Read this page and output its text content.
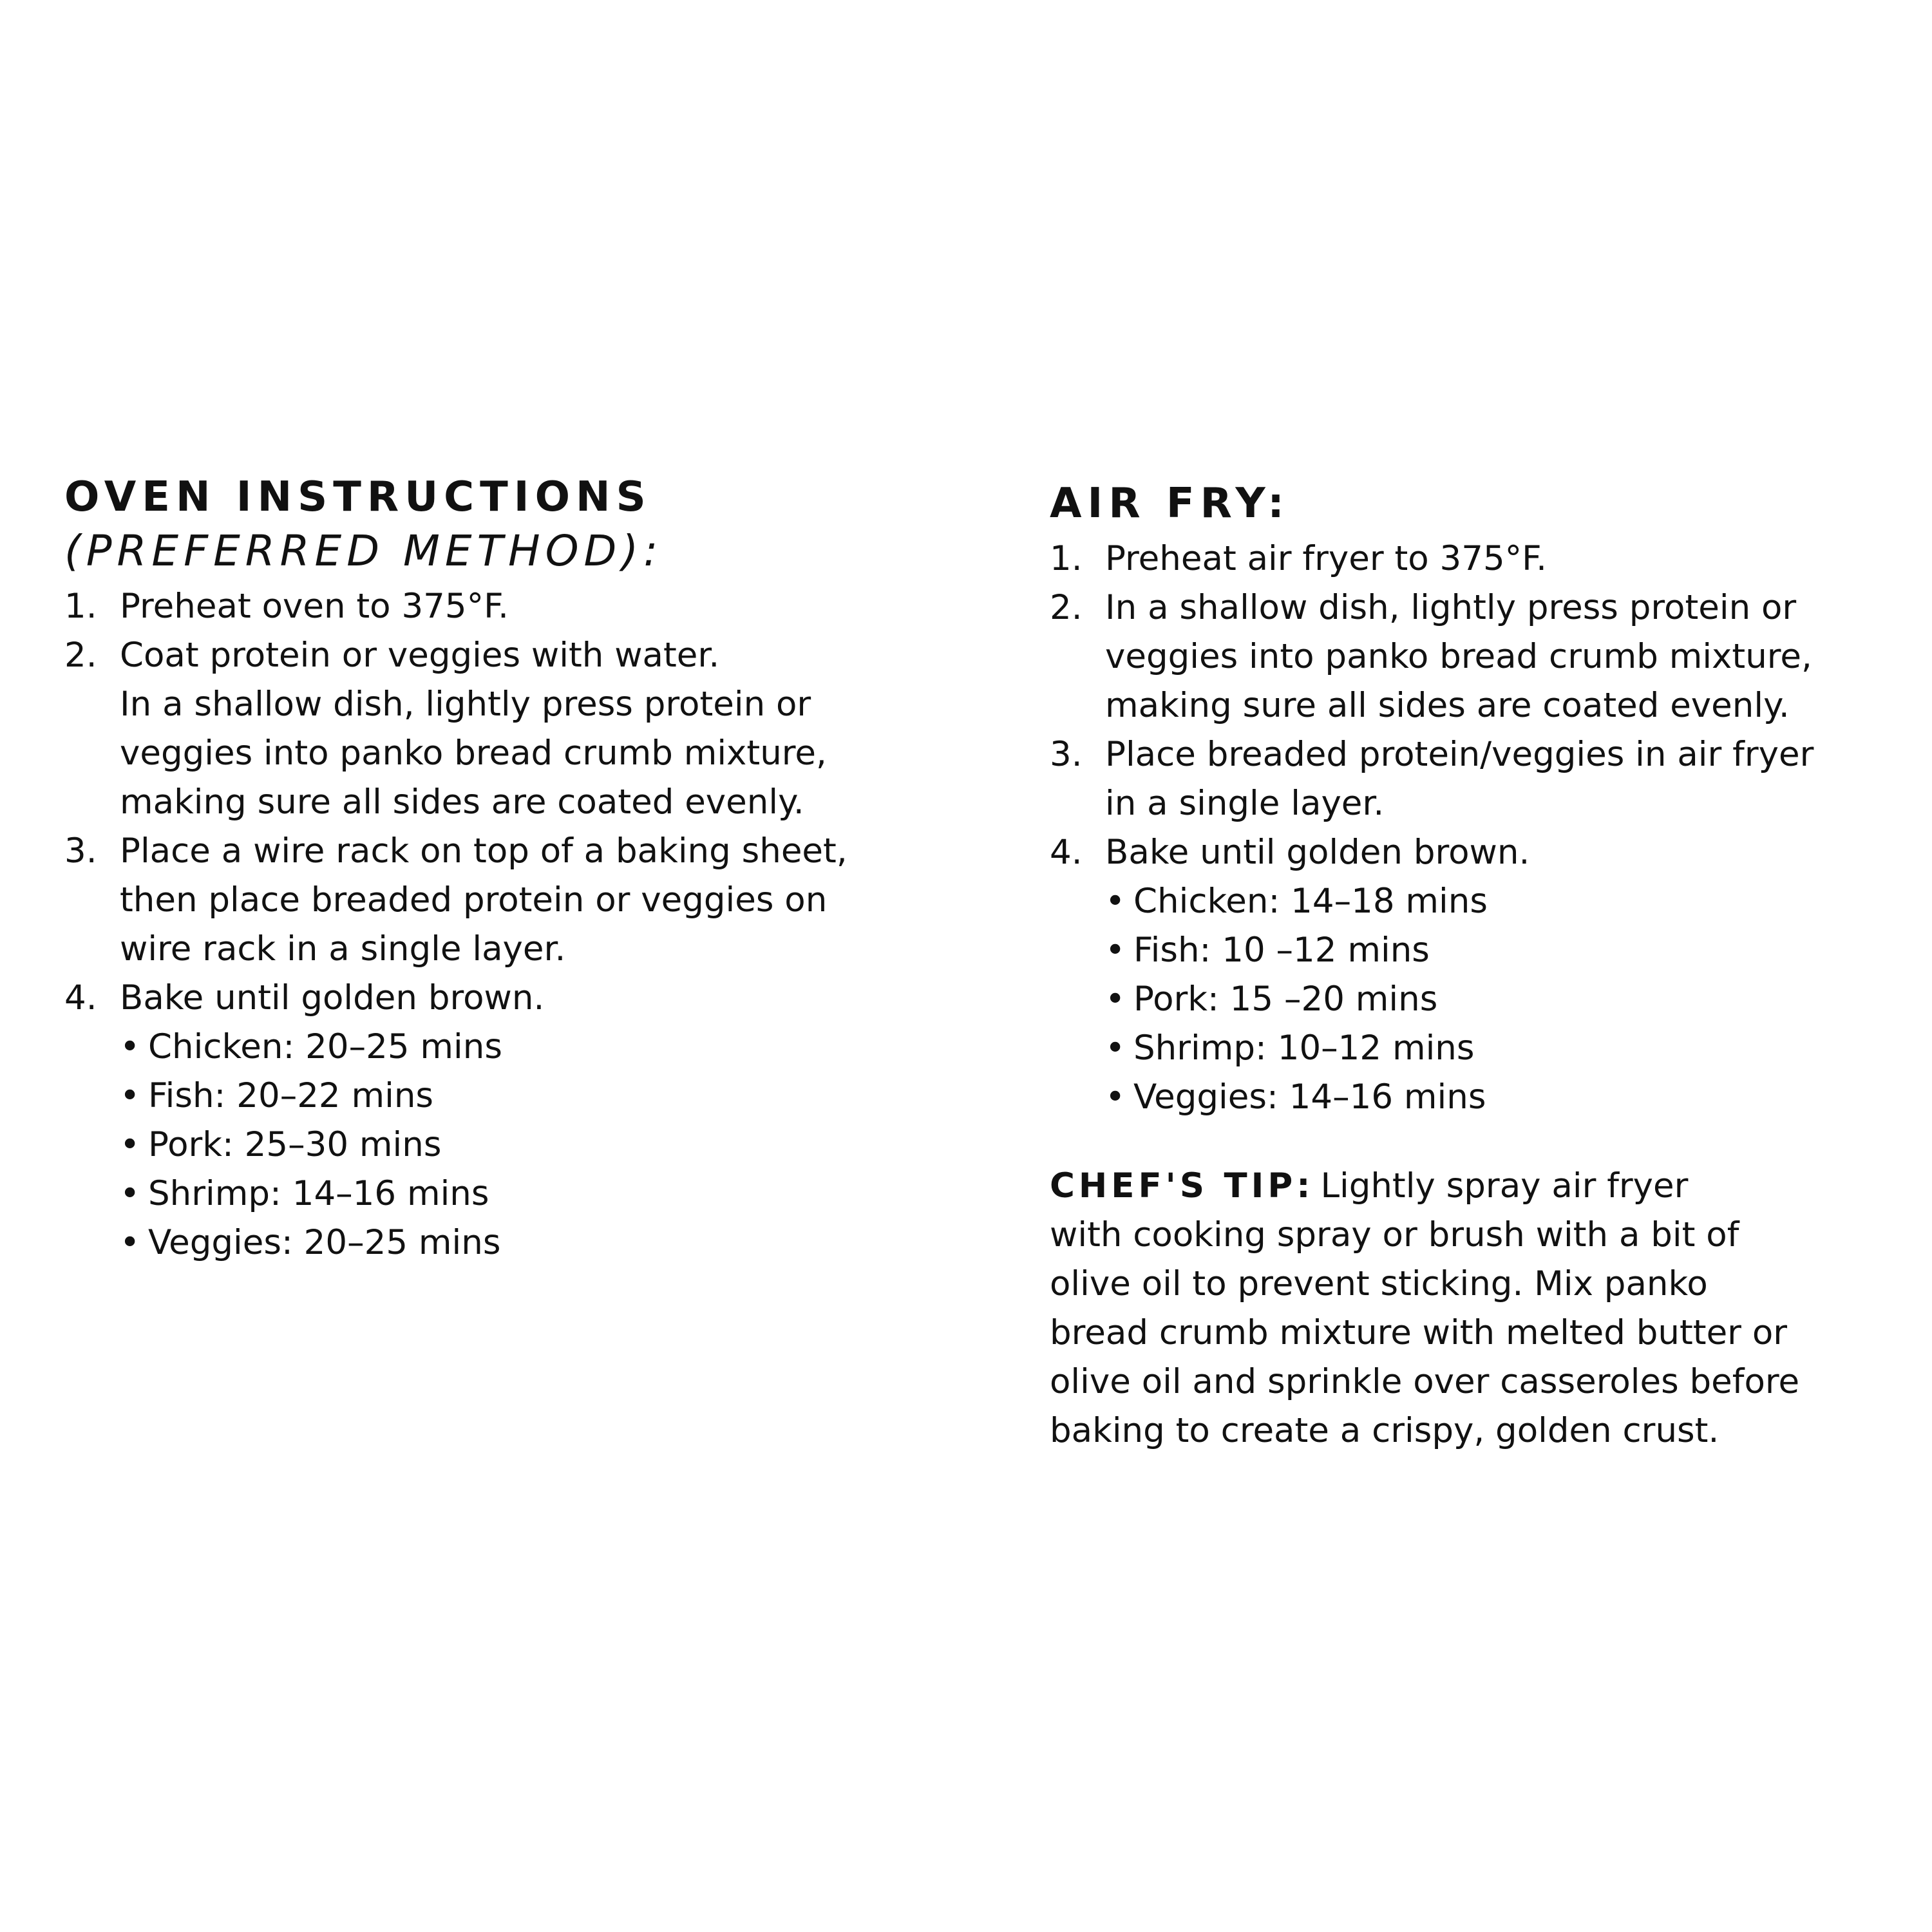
OVEN INSTRUCTIONS
(PREFERRED METHOD):
1. Preheat oven to 375°F.
2. Coat protein or veggies with water.
In a shallow dish, lightly press protein or
veggies into panko bread crumb mixture,
making sure all sides are coated evenly.
3. Place a wire rack on top of a baking sheet,
then place breaded protein or veggies on
wire rack in a single layer.
4. Bake until golden brown.
• Chicken: 20–25 mins
• Fish: 20–22 mins
• Pork: 25–30 mins
• Shrimp: 14–16 mins
• Veggies: 20–25 mins
AIR FRY:
1. Preheat air fryer to 375°F.
2. In a shallow dish, lightly press protein or
veggies into panko bread crumb mixture,
making sure all sides are coated evenly.
3. Place breaded protein/veggies in air fryer
in a single layer.
4. Bake until golden brown.
• Chicken: 14–18 mins
• Fish: 10 –12 mins
• Pork: 15 –20 mins
• Shrimp: 10–12 mins
• Veggies: 14–16 mins
CHEF'S TIP: Lightly spray air fryer
with cooking spray or brush with a bit of
olive oil to prevent sticking. Mix panko
bread crumb mixture with melted butter or
olive oil and sprinkle over casseroles before
baking to create a crispy, golden crust.
